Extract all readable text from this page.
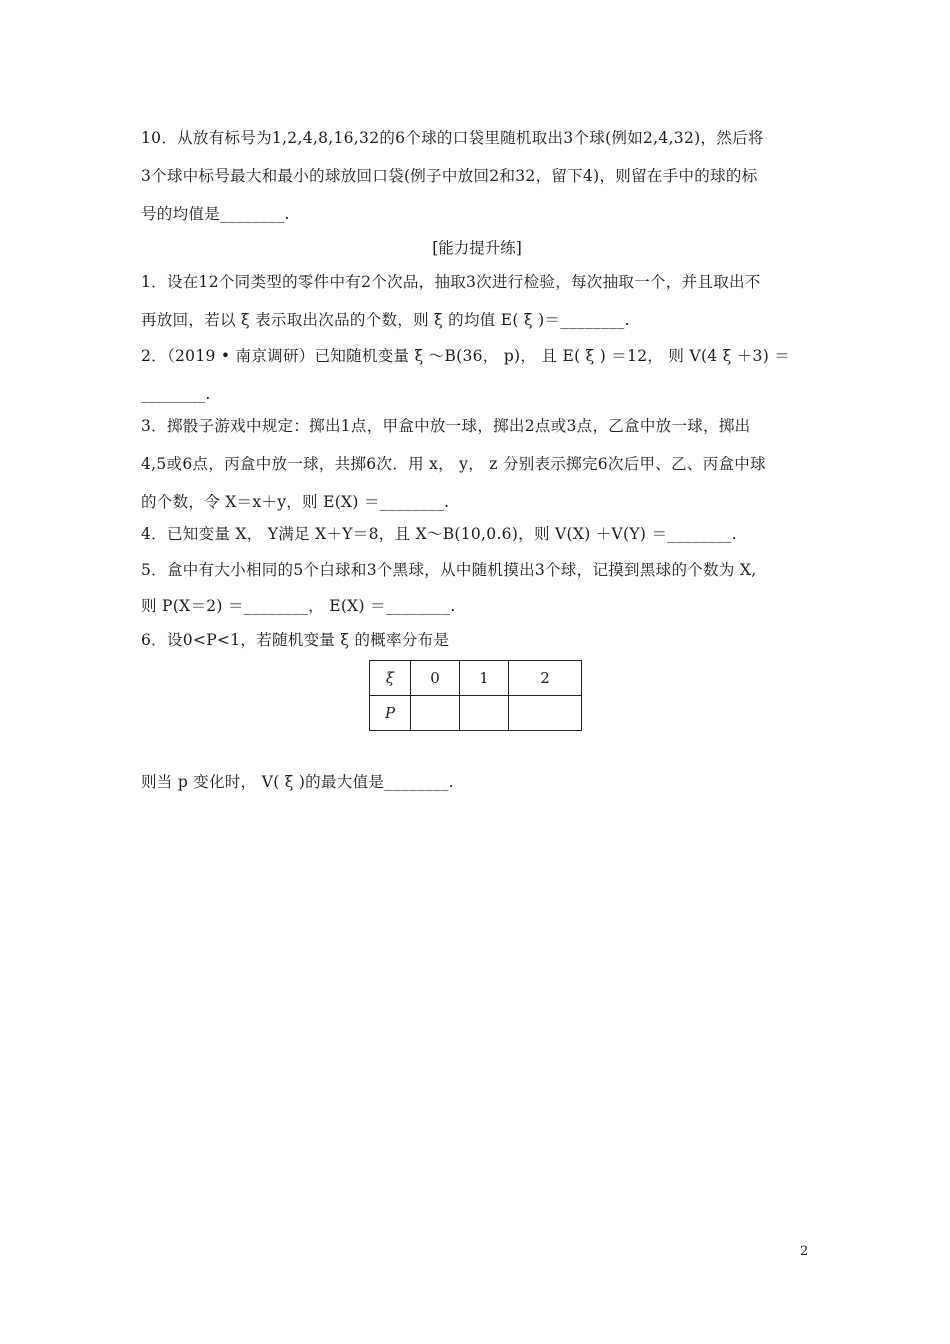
10．从放有标号为1,2,4,8,16,32的6个球的口袋里随机取出3个球(例如2,4,32)，然后将
3个球中标号最大和最小的球放回口袋(例子中放回2和32，留下4)，则留在手中的球的标
号的均值是________.
[能力提升练]
1．设在12个同类型的零件中有2个次品，抽取3次进行检验，每次抽取一个，并且取出不
再放回，若以 ξ 表示取出次品的个数，则 ξ 的均值 E( ξ )＝________.
2．（2019 • 南京调研）已知随机变量 ξ ～B(36， p)， 且 E( ξ ) ＝12， 则 V(4 ξ ＋3) ＝
________.
3．掷骰子游戏中规定：掷出1点，甲盒中放一球，掷出2点或3点，乙盒中放一球，掷出
4,5或6点，丙盒中放一球，共掷6次．用 x， y， z 分别表示掷完6次后甲、乙、丙盒中球
的个数，令 X＝x＋y，则 E(X) ＝________.
4．已知变量 X， Y满足 X＋Y＝8，且 X～B(10,0.6)，则 V(X) ＋V(Y) ＝________.
5．盒中有大小相同的5个白球和3个黑球，从中随机摸出3个球，记摸到黑球的个数为 X,
则 P(X＝2) ＝________， E(X) ＝________.
6．设0<P<1，若随机变量 ξ 的概率分布是
ξ	0	1	2
P			
则当 p 变化时， V( ξ )的最大值是________.
2
